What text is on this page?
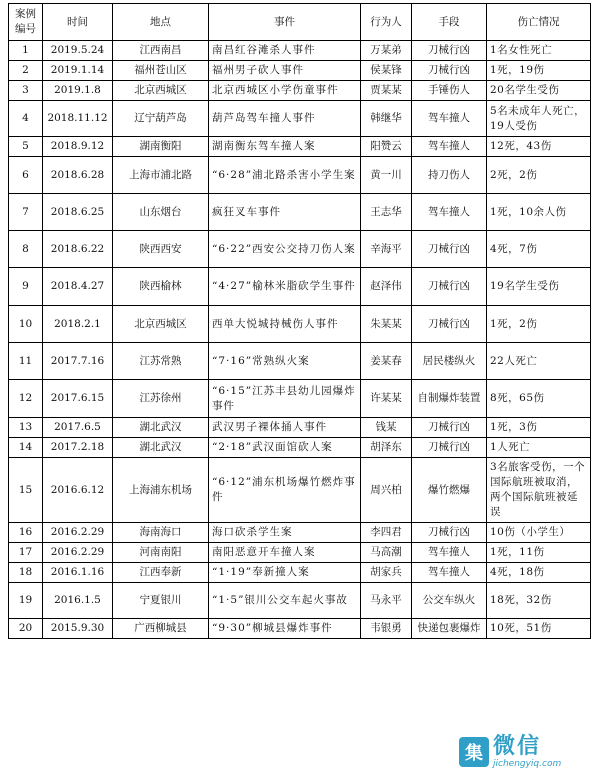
案例编号	时间	地点	事件	行为人	手段	伤亡情况
1	2019.5.24	江西南昌	南昌红谷滩杀人事件	万某弟	刀械行凶	1名女性死亡
2	2019.1.14	福州苍山区	福州男子砍人事件	侯某锋	刀械行凶	1死，19伤
3	2019.1.8	北京西城区	北京西城区小学伤童事件	贾某某	手锤伤人	20名学生受伤
4	2018.11.12	辽宁葫芦岛	葫芦岛驾车撞人事件	韩继华	驾车撞人	5名未成年人死亡，19人受伤
5	2018.9.12	湖南衡阳	湖南衡东驾车撞人案	阳赞云	驾车撞人	12死，43伤
6	2018.6.28	上海市浦北路	“6·28”浦北路杀害小学生案	黄一川	持刀伤人	2死，2伤
7	2018.6.25	山东烟台	疯狂叉车事件	王志华	驾车撞人	1死，10余人伤
8	2018.6.22	陕西西安	“6·22”西安公交持刀伤人案	辛海平	刀械行凶	4死，7伤
9	2018.4.27	陕西榆林	“4·27”榆林米脂砍学生事件	赵泽伟	刀械行凶	19名学生受伤
10	2018.2.1	北京西城区	西单大悦城持械伤人事件	朱某某	刀械行凶	1死，2伤
11	2017.7.16	江苏常熟	“7·16”常熟纵火案	姜某春	居民楼纵火	22人死亡
12	2017.6.15	江苏徐州	“6·15”江苏丰县幼儿园爆炸事件	许某某	自制爆炸装置	8死，65伤
13	2017.6.5	湖北武汉	武汉男子裸体捅人事件	钱某	刀械行凶	1死，3伤
14	2017.2.18	湖北武汉	“2·18”武汉面馆砍人案	胡泽东	刀械行凶	1人死亡
15	2016.6.12	上海浦东机场	“6·12”浦东机场爆竹燃炸事件	周兴柏	爆竹燃爆	3名旅客受伤，一个国际航班被取消，两个国际航班被延误
16	2016.2.29	海南海口	海口砍杀学生案	李四君	刀械行凶	10伤（小学生）
17	2016.2.29	河南南阳	南阳恶意开车撞人案	马高潮	驾车撞人	1死，11伤
18	2016.1.16	江西奉新	“1·19”奉新撞人案	胡家兵	驾车撞人	4死，18伤
19	2016.1.5	宁夏银川	“1·5”银川公交车起火事故	马永平	公交车纵火	18死，32伤
20	2015.9.30	广西柳城县	“9·30”柳城县爆炸事件	韦银勇	快递包裹爆炸	10死，51伤
集 微信
jichengyiq.com
